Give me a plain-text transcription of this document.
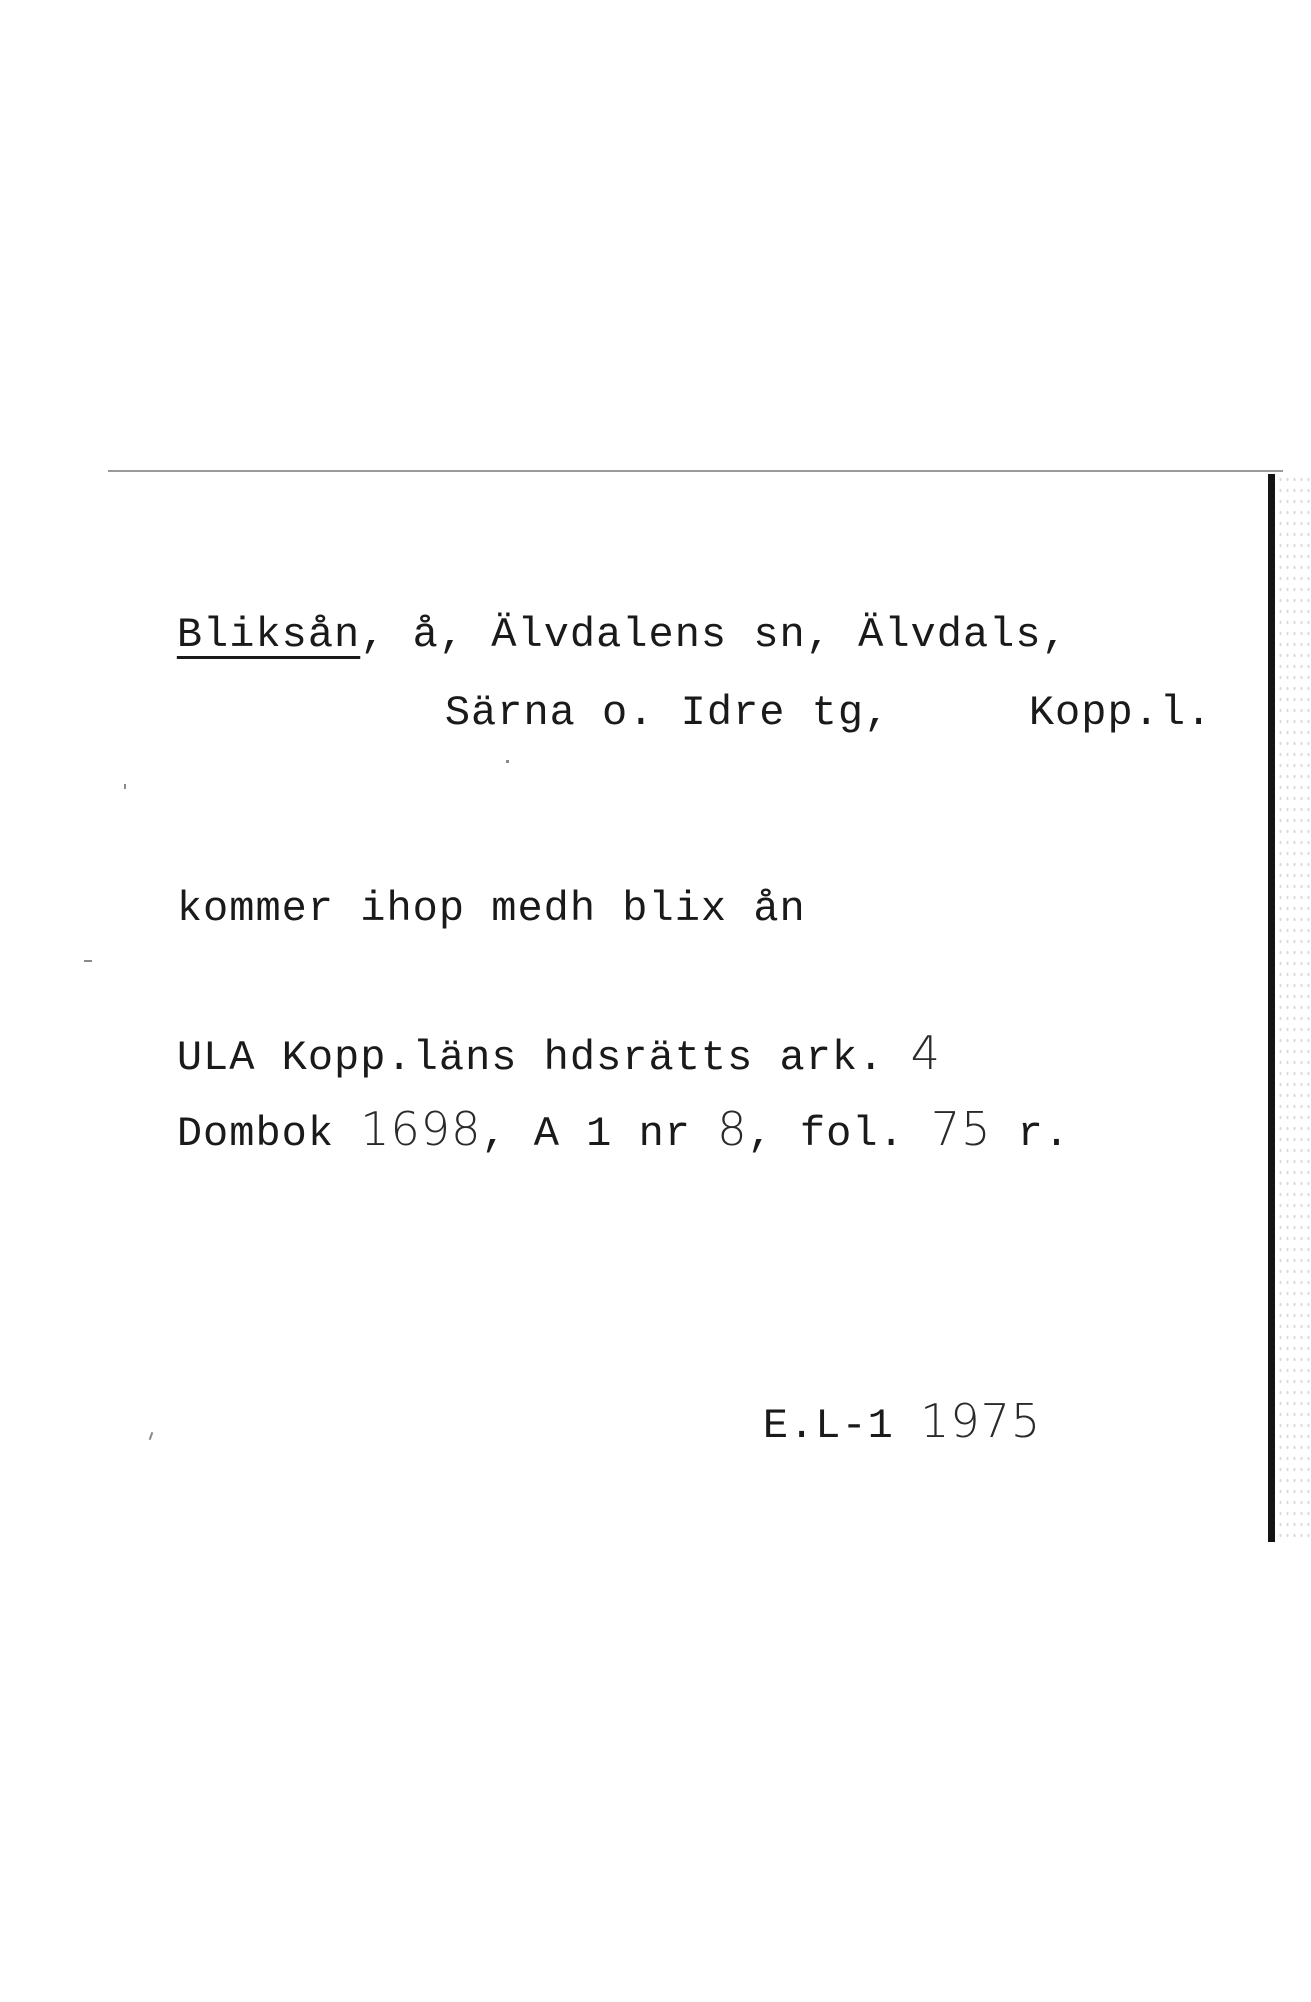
Bliksån, å, Älvdalens sn, Älvdals,

Särna o. Idre tg,
	Kopp.l.

kommer ihop medh blix ån

ULA Kopp.läns hdsrätts ark. 4

Dombok 1698, A 1 nr 8, fol. 75 r.

E.L-1 1975
